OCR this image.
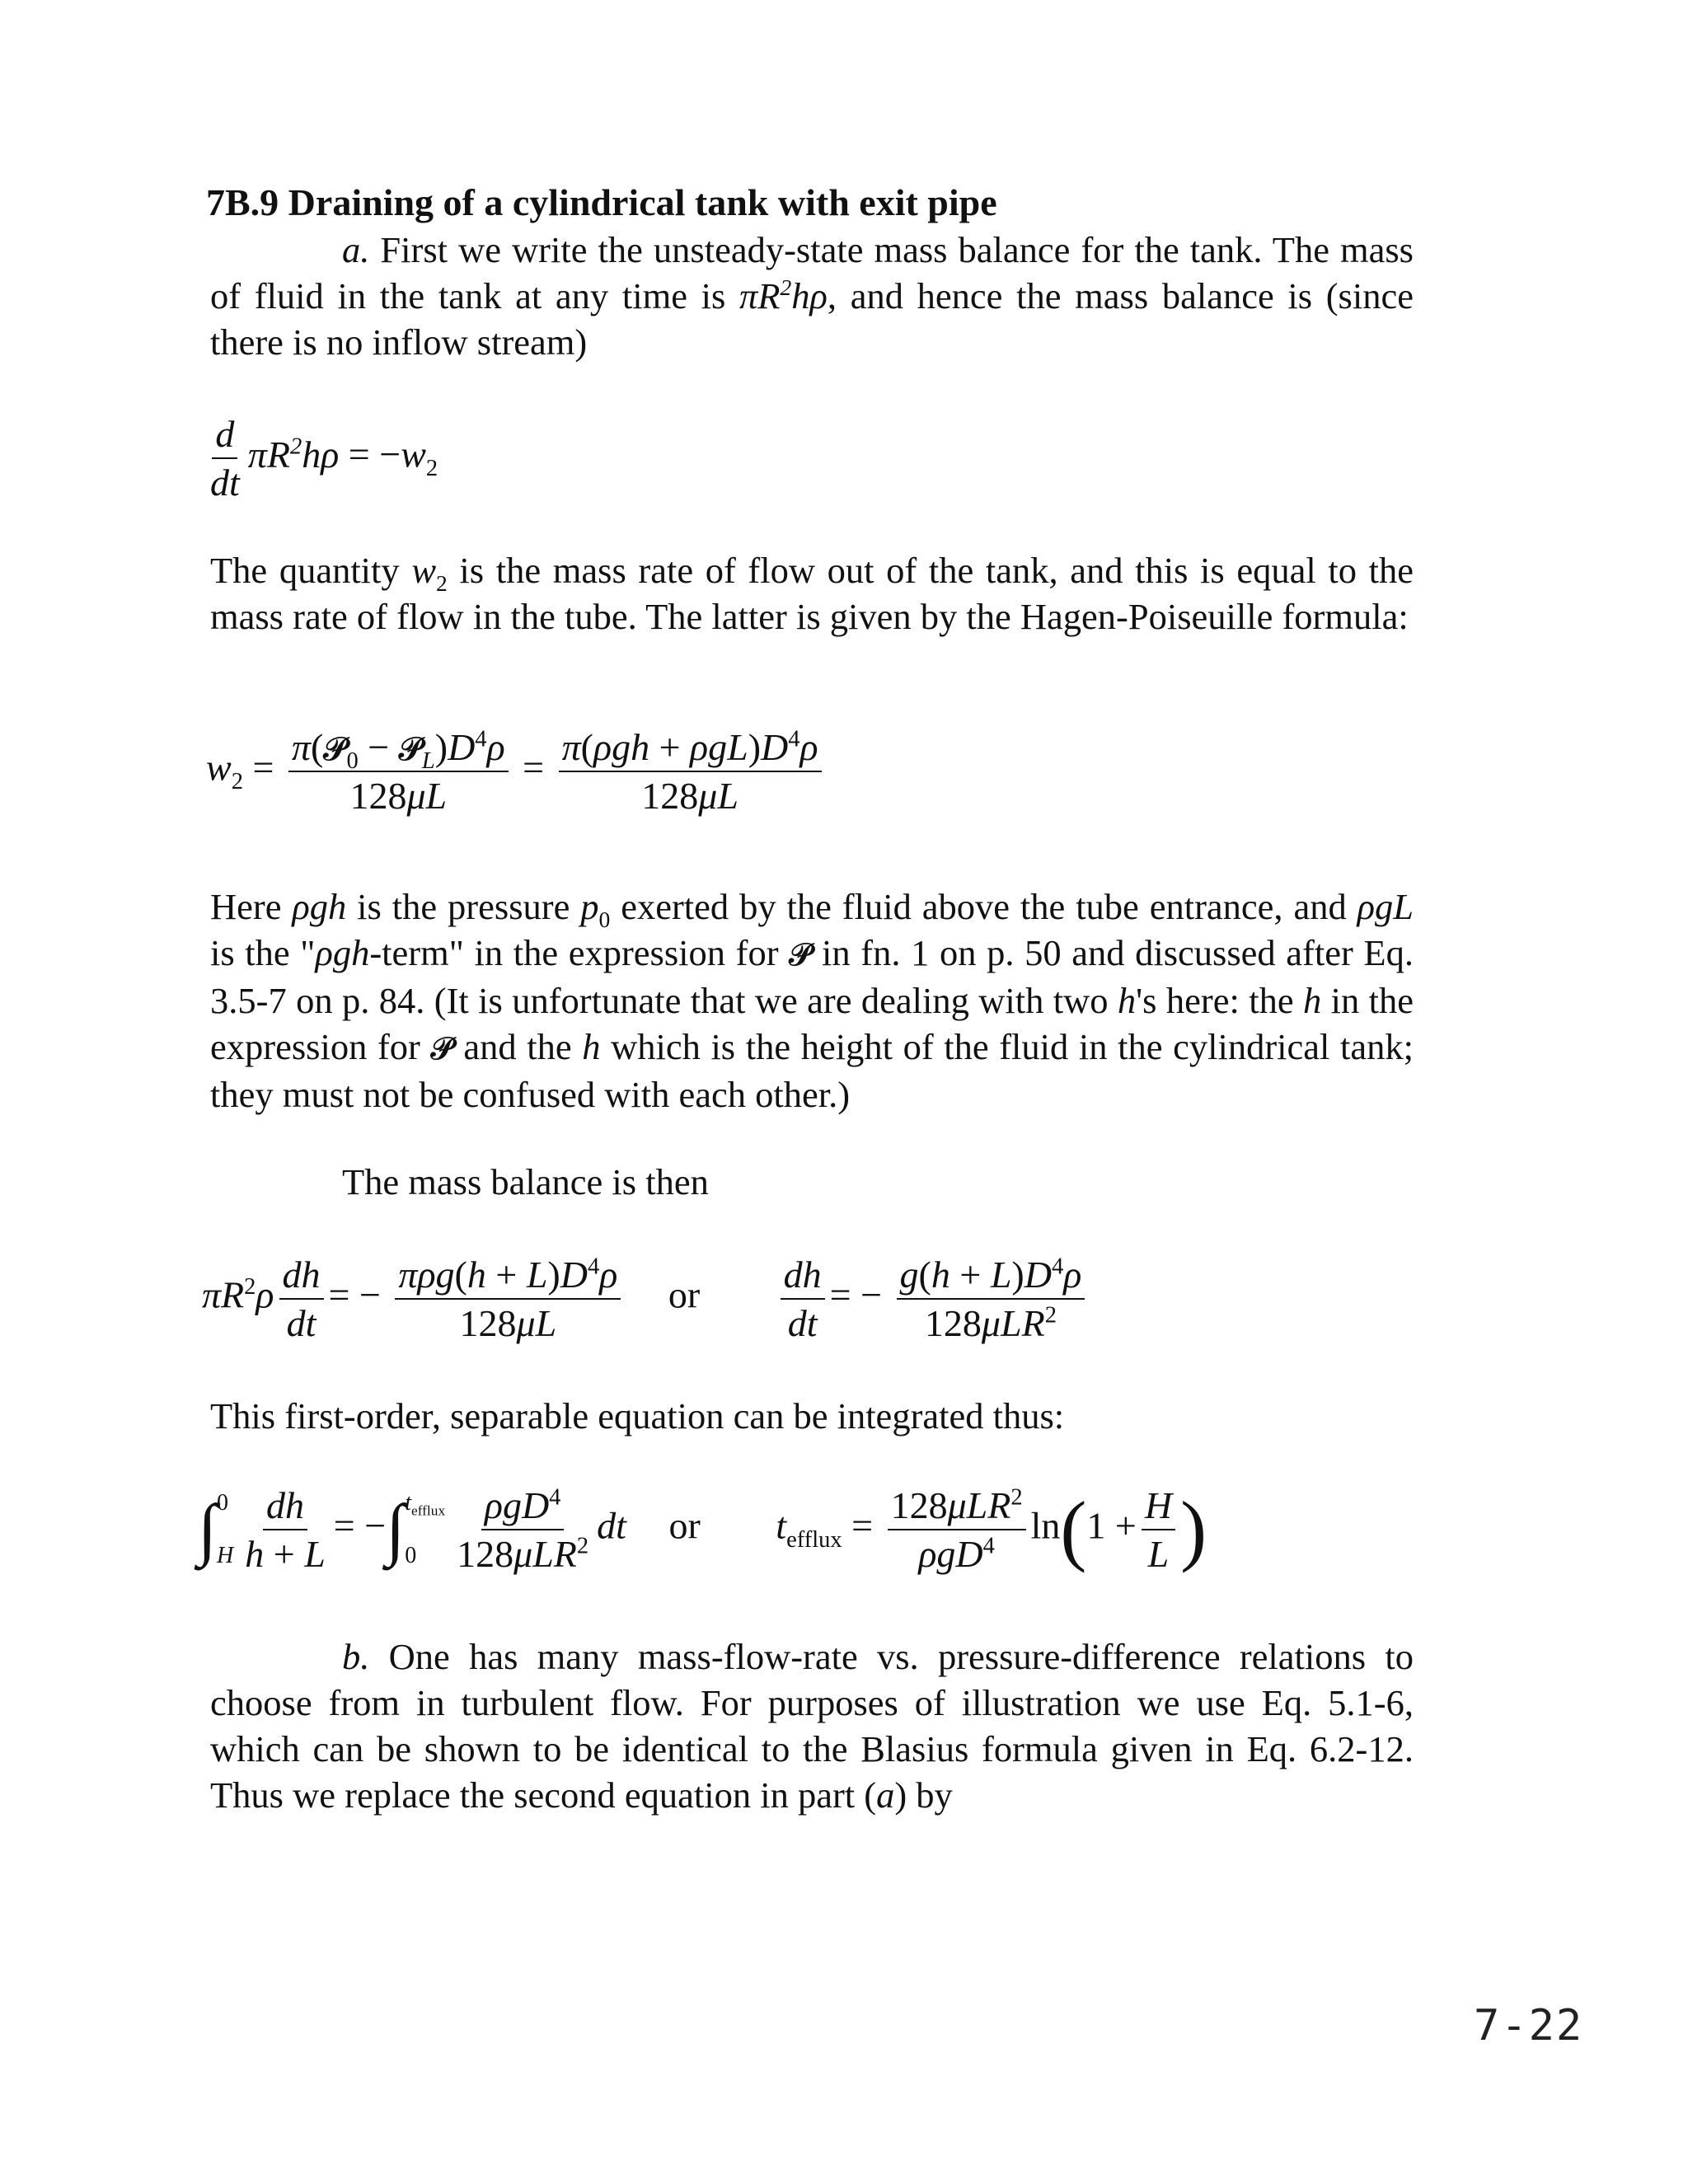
7B.9 Draining of a cylindrical tank with exit pipe
a. First we write the unsteady-state mass balance for the tank. The mass of fluid in the tank at any time is $\pi R^2h\rho$, and hence the mass balance is (since there is no inflow stream)
$\frac{d}{dt} \pi R^2h\rho = -w_2$
The quantity $w_2$ is the mass rate of flow out of the tank, and this is equal to the mass rate of flow in the tube. The latter is given by the Hagen-Poiseuille formula:
$w_2 = \frac{\pi(𝒫_0 - 𝒫_L)D^4\rho}{128\mu L} = \frac{\pi(\rho gh + \rho gL)D^4\rho}{128\mu L}$
Here ρgh is the pressure $p_0$ exerted by the fluid above the tube entrance, and ρgL is the "ρgh-term" in the expression for 𝒫 in fn. 1 on p. 50 and discussed after Eq. 3.5-7 on p. 84. (It is unfortunate that we are dealing with two h's here: the h in the expression for 𝒫 and the h which is the height of the fluid in the cylindrical tank; they must not be confused with each other.)
The mass balance is then
$\pi R^2\rho \frac{dh}{dt}$ = − $\frac{\pi\rho g(h + L)D^4\rho}{128\mu L}$ or $\frac{dh}{dt}$ = − $\frac{g(h + L)D^4\rho}{128\mu LR^2}$
This first-order, separable equation can be integrated thus:
∫ 0
H $\frac{dh}{h + L}$ = −∫ $t_{efflux}$
$0 \frac{\rho gD^4}{128\mu LR^2}$ dt or $t_{efflux} = \frac{128\mu LR^2}{\rho gD^4} \ln(1 + \frac{H}{L}$ )
b. One has many mass-flow-rate vs. pressure-difference relations to choose from in turbulent flow. For purposes of illustration we use Eq. 5.1-6, which can be shown to be identical to the Blasius formula given in Eq. 6.2-12. Thus we replace the second equation in part (a) by
7-22
